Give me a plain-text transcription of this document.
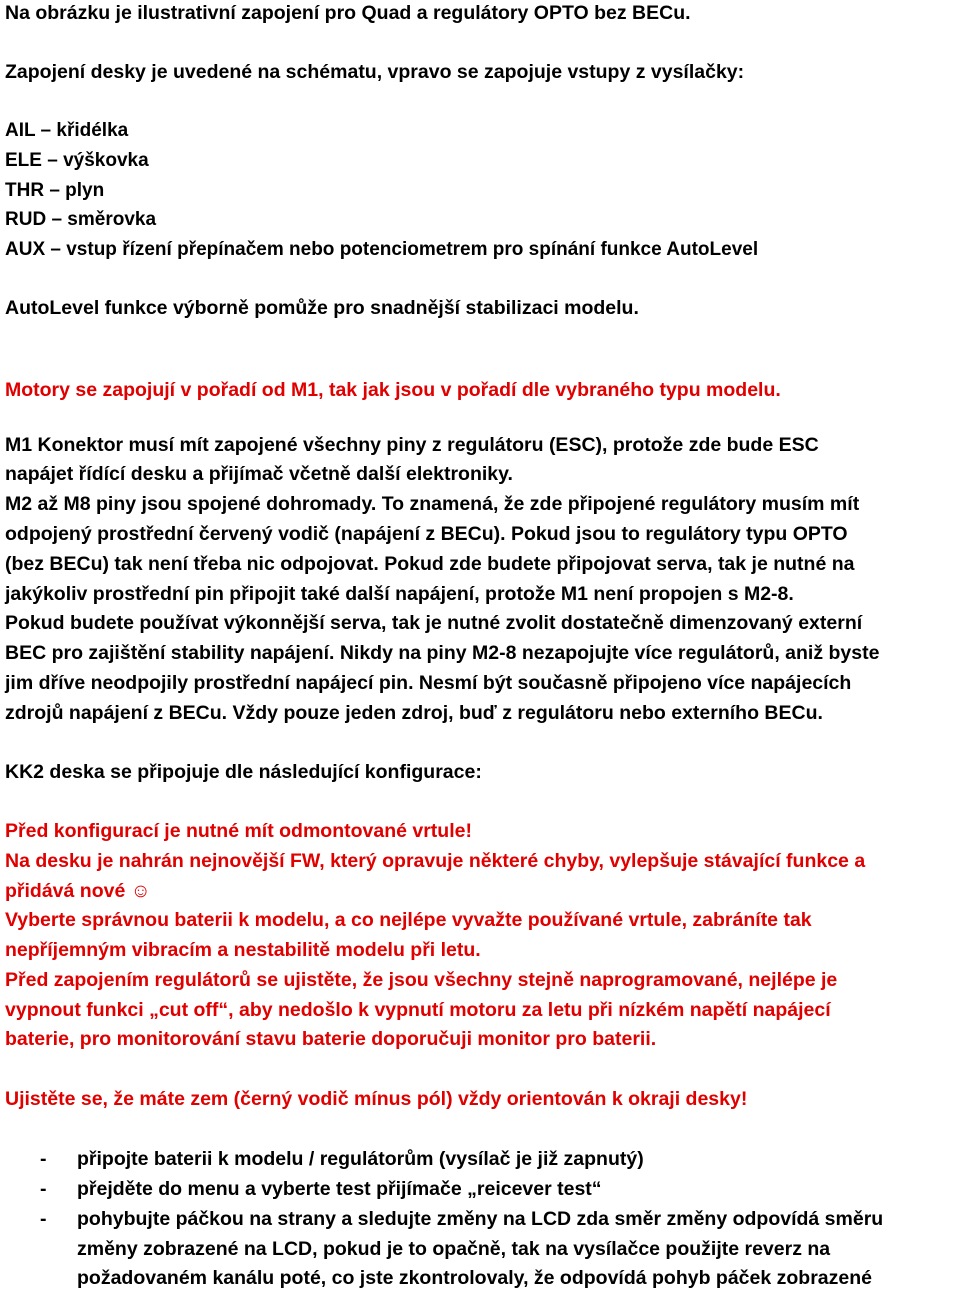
Na obrázku je ilustrativní zapojení pro Quad a regulátory OPTO bez BECu.
Zapojení desky je uvedené na schématu, vpravo se zapojuje vstupy z vysílačky:
AIL – křidélka
ELE – výškovka
THR – plyn
RUD – směrovka
AUX – vstup řízení přepínačem nebo potenciometrem pro spínání funkce AutoLevel
AutoLevel funkce výborně pomůže pro snadnější stabilizaci modelu.
Motory se zapojují v pořadí od M1, tak jak jsou v pořadí dle vybraného typu modelu.
M1 Konektor musí mít zapojené všechny piny z regulátoru (ESC), protože zde bude ESC
napájet řídící desku a přijímač včetně další elektroniky.
M2 až M8 piny jsou spojené dohromady. To znamená, že zde připojené regulátory musím mít
odpojený prostřední červený vodič (napájení z BECu). Pokud jsou to regulátory typu OPTO
(bez BECu) tak není třeba nic odpojovat. Pokud zde budete připojovat serva, tak je nutné na
jakýkoliv prostřední pin připojit také další napájení, protože M1 není propojen s M2-8.
Pokud budete používat výkonnější serva, tak je nutné zvolit dostatečně dimenzovaný externí
BEC pro zajištění stability napájení. Nikdy na piny M2-8 nezapojujte více regulátorů, aniž byste
jim dříve neodpojily prostřední napájecí pin. Nesmí být současně připojeno více napájecích
zdrojů napájení z BECu. Vždy pouze jeden zdroj, buď z regulátoru nebo externího BECu.
KK2 deska se připojuje dle následující konfigurace:
Před konfigurací je nutné mít odmontované vrtule!
Na desku je nahrán nejnovější FW, který opravuje některé chyby, vylepšuje stávající funkce a
přidává nové ☺
Vyberte správnou baterii k modelu, a co nejlépe vyvažte používané vrtule, zabráníte tak
nepříjemným vibracím a nestabilitě modelu při letu.
Před zapojením regulátorů se ujistěte, že jsou všechny stejně naprogramované, nejlépe je
vypnout funkci „cut off“, aby nedošlo k vypnutí motoru za letu při nízkém napětí napájecí
baterie, pro monitorování stavu baterie doporučuji monitor pro baterii.
Ujistěte se, že máte zem (černý vodič mínus pól) vždy orientován k okraji desky!
- připojte baterii k modelu / regulátorům (vysílač je již zapnutý)
- přejděte do menu a vyberte test přijímače „reicever test“
- pohybujte páčkou na strany a sledujte změny na LCD zda směr změny odpovídá směru
změny zobrazené na LCD, pokud je to opačně, tak na vysílačce použijte reverz na
požadovaném kanálu poté, co jste zkontrolovaly, že odpovídá pohyb páček zobrazené
